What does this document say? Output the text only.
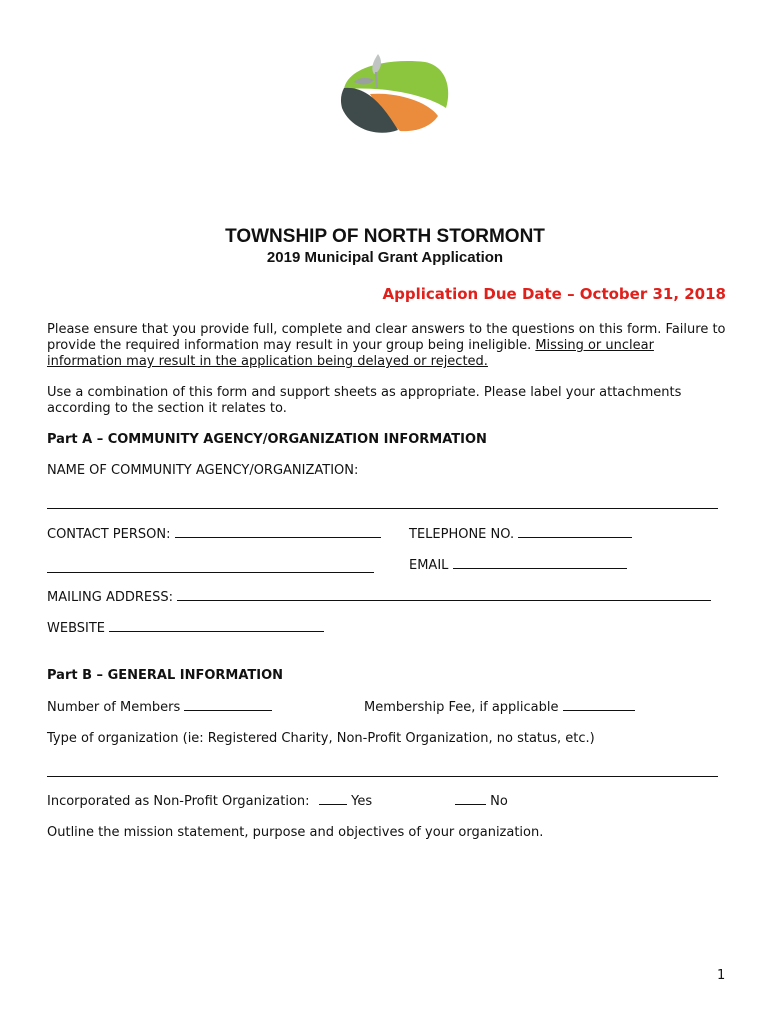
TOWNSHIP OF NORTH STORMONT
2019 Municipal Grant Application
Application Due Date – October 31, 2018
Please ensure that you provide full, complete and clear answers to the questions on this form. Failure to provide the required information may result in your group being ineligible. Missing or unclear information may result in the application being delayed or rejected.
Use a combination of this form and support sheets as appropriate. Please label your attachments according to the section it relates to.
Part A – COMMUNITY AGENCY/ORGANIZATION INFORMATION
NAME OF COMMUNITY AGENCY/ORGANIZATION:
CONTACT PERSON:	TELEPHONE NO.
EMAIL
MAILING ADDRESS:
WEBSITE
Part B – GENERAL INFORMATION
Number of Members	Membership Fee, if applicable
Type of organization (ie: Registered Charity, Non-Profit Organization, no status, etc.)
Incorporated as Non-Profit Organization:	Yes	No
Outline the mission statement, purpose and objectives of your organization.
1
